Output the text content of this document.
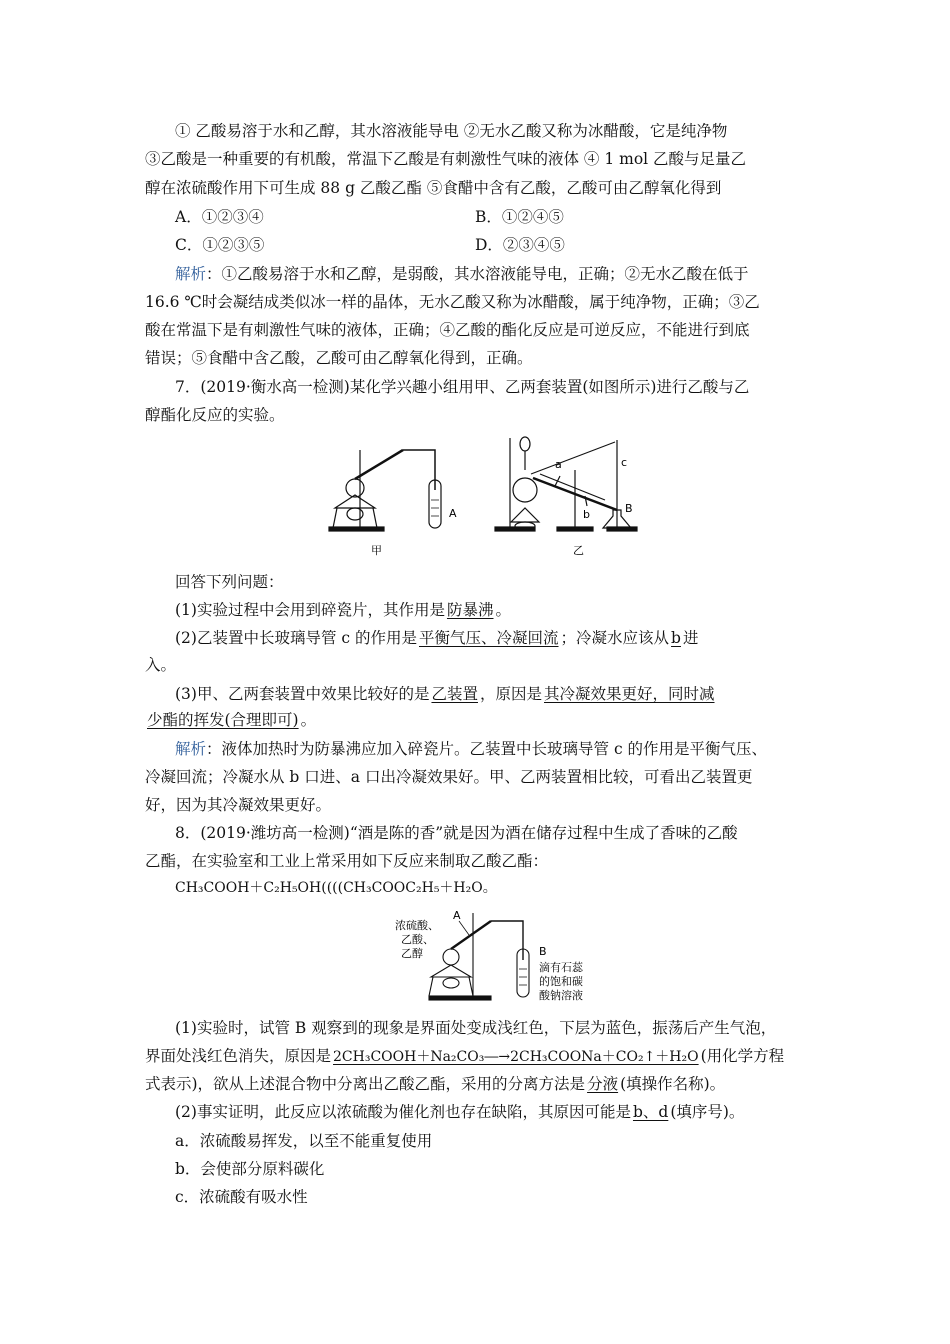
① 乙酸易溶于水和乙醇，其水溶液能导电 ②无水乙酸又称为冰醋酸，它是纯净物
③乙酸是一种重要的有机酸，常温下乙酸是有刺激性气味的液体 ④ 1 mol 乙酸与足量乙
醇在浓硫酸作用下可生成 88 g 乙酸乙酯 ⑤食醋中含有乙酸，乙酸可由乙醇氧化得到
A．①②③④	B．①②④⑤
C．①②③⑤	D．②③④⑤
解析：①乙酸易溶于水和乙醇，是弱酸，其水溶液能导电，正确；②无水乙酸在低于
16.6 ℃时会凝结成类似冰一样的晶体，无水乙酸又称为冰醋酸，属于纯净物，正确；③乙
酸在常温下是有刺激性气味的液体，正确；④乙酸的酯化反应是可逆反应，不能进行到底
错误；⑤食醋中含乙酸，乙酸可由乙醇氧化得到，正确。
7．(2019·衡水高一检测)某化学兴趣小组用甲、乙两套装置(如图所示)进行乙酸与乙
醇酯化反应的实验。
A
a
b
c
B
甲	乙
回答下列问题：
(1)实验过程中会用到碎瓷片，其作用是 防暴沸 。
(2)乙装置中长玻璃导管 c 的作用是 平衡气压、冷凝回流 ；冷凝水应该从 b 进
入。
(3)甲、乙两套装置中效果比较好的是 乙装置 ，原因是 其冷凝效果更好，同时减
少酯的挥发(合理即可) 。
解析：液体加热时为防暴沸应加入碎瓷片。乙装置中长玻璃导管 c 的作用是平衡气压、
冷凝回流；冷凝水从 b 口进、a 口出冷凝效果好。甲、乙两装置相比较，可看出乙装置更
好，因为其冷凝效果更好。
8．(2019·潍坊高一检测)“酒是陈的香”就是因为酒在储存过程中生成了香味的乙酸
乙酯，在实验室和工业上常采用如下反应来制取乙酸乙酯：
CH₃COOH＋C₂H₅OH((((CH₃COOC₂H₅＋H₂O。
浓硫酸、
乙酸、
乙醇
A
B
滴有石蕊
的饱和碳
酸钠溶液
(1)实验时，试管 B 观察到的现象是界面处变成浅红色，下层为蓝色，振荡后产生气泡，
界面处浅红色消失，原因是 2CH₃COOH＋Na₂CO₃―→2CH₃COONa＋CO₂↑＋H₂O (用化学方程
式表示)，欲从上述混合物中分离出乙酸乙酯，采用的分离方法是 分液 (填操作名称)。
(2)事实证明，此反应以浓硫酸为催化剂也存在缺陷，其原因可能是 b、d (填序号)。
a．浓硫酸易挥发，以至不能重复使用
b．会使部分原料碳化
c．浓硫酸有吸水性
